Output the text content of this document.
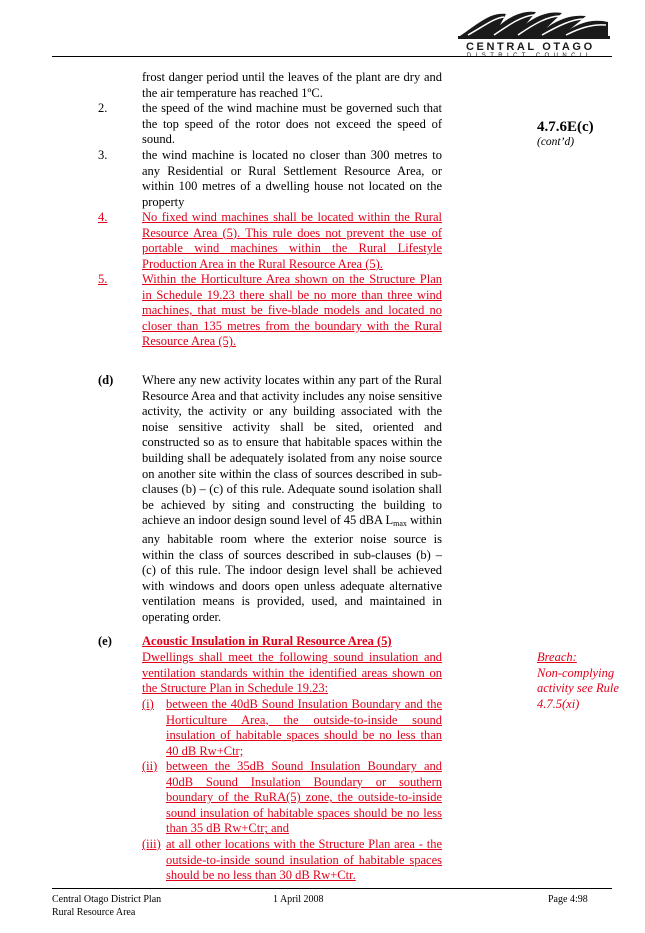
CENTRAL OTAGO
DISTRICT COUNCIL
4.7.6E(c)
(cont’d)
frost danger period until the leaves of the plant are dry and the air temperature has reached 1ºC.
2.	the speed of the wind machine must be governed such that the top speed of the rotor does not exceed the speed of sound.
3.	the wind machine is located no closer than 300 metres to any Residential or Rural Settlement Resource Area, or within 100 metres of a dwelling house not located on the property
4.	No fixed wind machines shall be located within the Rural Resource Area (5). This rule does not prevent the use of portable wind machines within the Rural Lifestyle Production Area in the Rural Resource Area (5).
5.	Within the Horticulture Area shown on the Structure Plan in Schedule 19.23 there shall be no more than three wind machines, that must be five-blade models and located no closer than 135 metres from the boundary with the Rural Resource Area (5).
(d) Where any new activity locates within any part of the Rural Resource Area and that activity includes any noise sensitive activity, the activity or any building associated with the noise sensitive activity shall be sited, oriented and constructed so as to ensure that habitable spaces within the building shall be adequately isolated from any noise source on another site within the class of sources described in sub-clauses (b) – (c) of this rule. Adequate sound isolation shall be achieved by siting and constructing the building to achieve an indoor design sound level of 45 dBA $L_{max}$ within any habitable room where the exterior noise source is within the class of sources described in sub-clauses (b) – (c) of this rule. The indoor design level shall be achieved with windows and doors open unless adequate alternative ventilation means is provided, used, and maintained in operating order.
(e) Acoustic Insulation in Rural Resource Area (5)
Dwellings shall meet the following sound insulation and ventilation standards within the identified areas shown on the Structure Plan in Schedule 19.23:
(i) between the 40dB Sound Insulation Boundary and the Horticulture Area, the outside-to-inside sound insulation of habitable spaces should be no less than 40 dB Rw+Ctr;
(ii) between the 35dB Sound Insulation Boundary and 40dB Sound Insulation Boundary or southern boundary of the RuRA(5) zone, the outside-to-inside sound insulation of habitable spaces should be no less than 35 dB Rw+Ctr; and
(iii) at all other locations with the Structure Plan area - the outside-to-inside sound insulation of habitable spaces should be no less than 30 dB Rw+Ctr.
Breach:
Non-complying activity see Rule 4.7.5(xi)
Central Otago District Plan
Rural Resource Area
1 April 2008	Page 4:98
